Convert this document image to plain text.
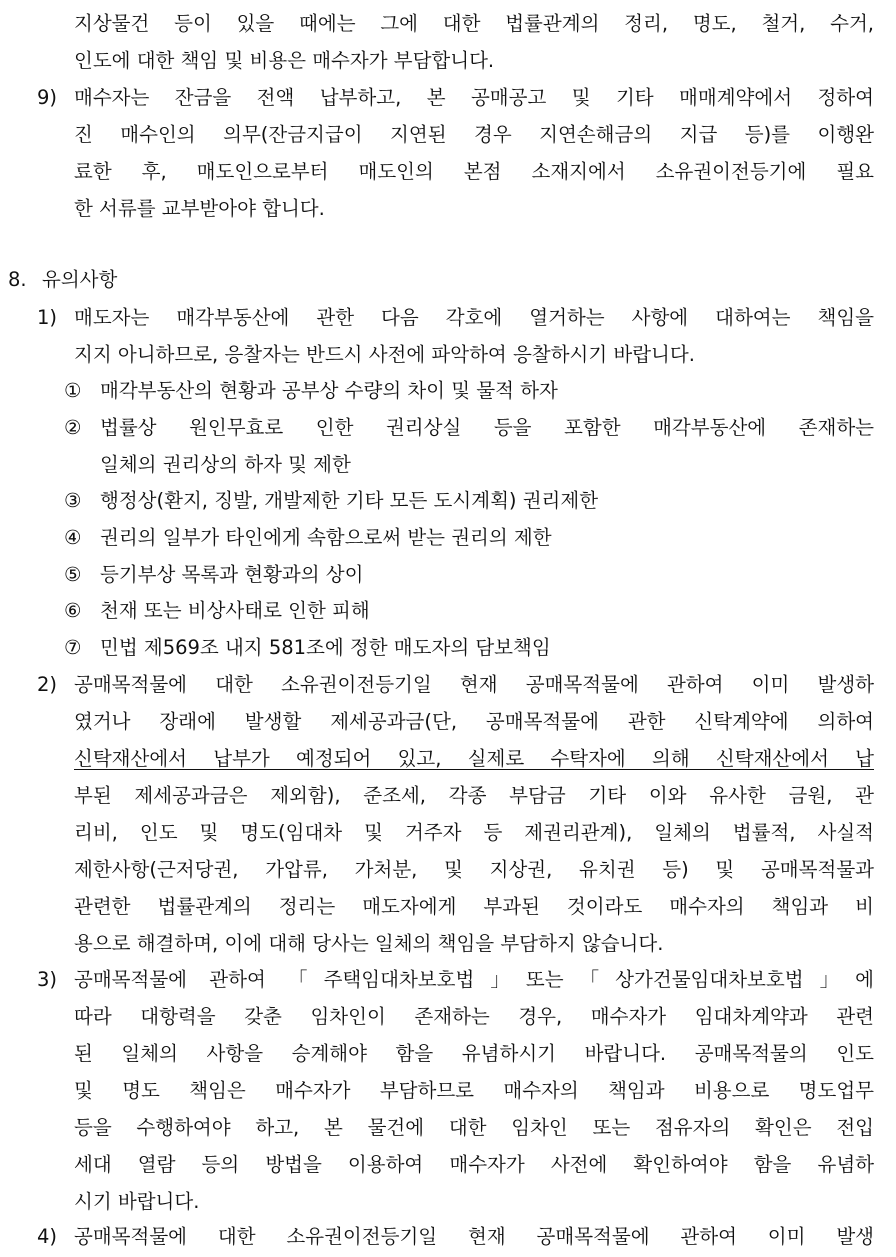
지상물건 등이 있을 때에는 그에 대한 법률관계의 정리, 명도, 철거, 수거,
인도에 대한 책임 및 비용은 매수자가 부담합니다.
9) 매수자는 잔금을 전액 납부하고, 본 공매공고 및 기타 매매계약에서 정하여
진 매수인의 의무(잔금지급이 지연된 경우 지연손해금의 지급 등)를 이행완
료한 후, 매도인으로부터 매도인의 본점 소재지에서 소유권이전등기에 필요
한 서류를 교부받아야 합니다.
8. 유의사항
1) 매도자는 매각부동산에 관한 다음 각호에 열거하는 사항에 대하여는 책임을
지지 아니하므로, 응찰자는 반드시 사전에 파악하여 응찰하시기 바랍니다.
① 매각부동산의 현황과 공부상 수량의 차이 및 물적 하자
② 법률상 원인무효로 인한 권리상실 등을 포함한 매각부동산에 존재하는
일체의 권리상의 하자 및 제한
③ 행정상(환지, 징발, 개발제한 기타 모든 도시계획) 권리제한
④ 권리의 일부가 타인에게 속함으로써 받는 권리의 제한
⑤ 등기부상 목록과 현황과의 상이
⑥ 천재 또는 비상사태로 인한 피해
⑦ 민법 제569조 내지 581조에 정한 매도자의 담보책임
2) 공매목적물에 대한 소유권이전등기일 현재 공매목적물에 관하여 이미 발생하
였거나 장래에 발생할 제세공과금(단, 공매목적물에 관한 신탁계약에 의하여
신탁재산에서 납부가 예정되어 있고, 실제로 수탁자에 의해 신탁재산에서 납
부된 제세공과금은 제외함), 준조세, 각종 부담금 기타 이와 유사한 금원, 관
리비, 인도 및 명도(임대차 및 거주자 등 제권리관계), 일체의 법률적, 사실적
제한사항(근저당권, 가압류, 가처분, 및 지상권, 유치권 등) 및 공매목적물과
관련한 법률관계의 정리는 매도자에게 부과된 것이라도 매수자의 책임과 비
용으로 해결하며, 이에 대해 당사는 일체의 책임을 부담하지 않습니다.
3) 공매목적물에 관하여 「주택임대차보호법」또는「상가건물임대차보호법」에
따라 대항력을 갖춘 임차인이 존재하는 경우, 매수자가 임대차계약과 관련
된 일체의 사항을 승계해야 함을 유념하시기 바랍니다. 공매목적물의 인도
및 명도 책임은 매수자가 부담하므로 매수자의 책임과 비용으로 명도업무
등을 수행하여야 하고, 본 물건에 대한 임차인 또는 점유자의 확인은 전입
세대 열람 등의 방법을 이용하여 매수자가 사전에 확인하여야 함을 유념하
시기 바랍니다.
4) 공매목적물에 대한 소유권이전등기일 현재 공매목적물에 관하여 이미 발생
